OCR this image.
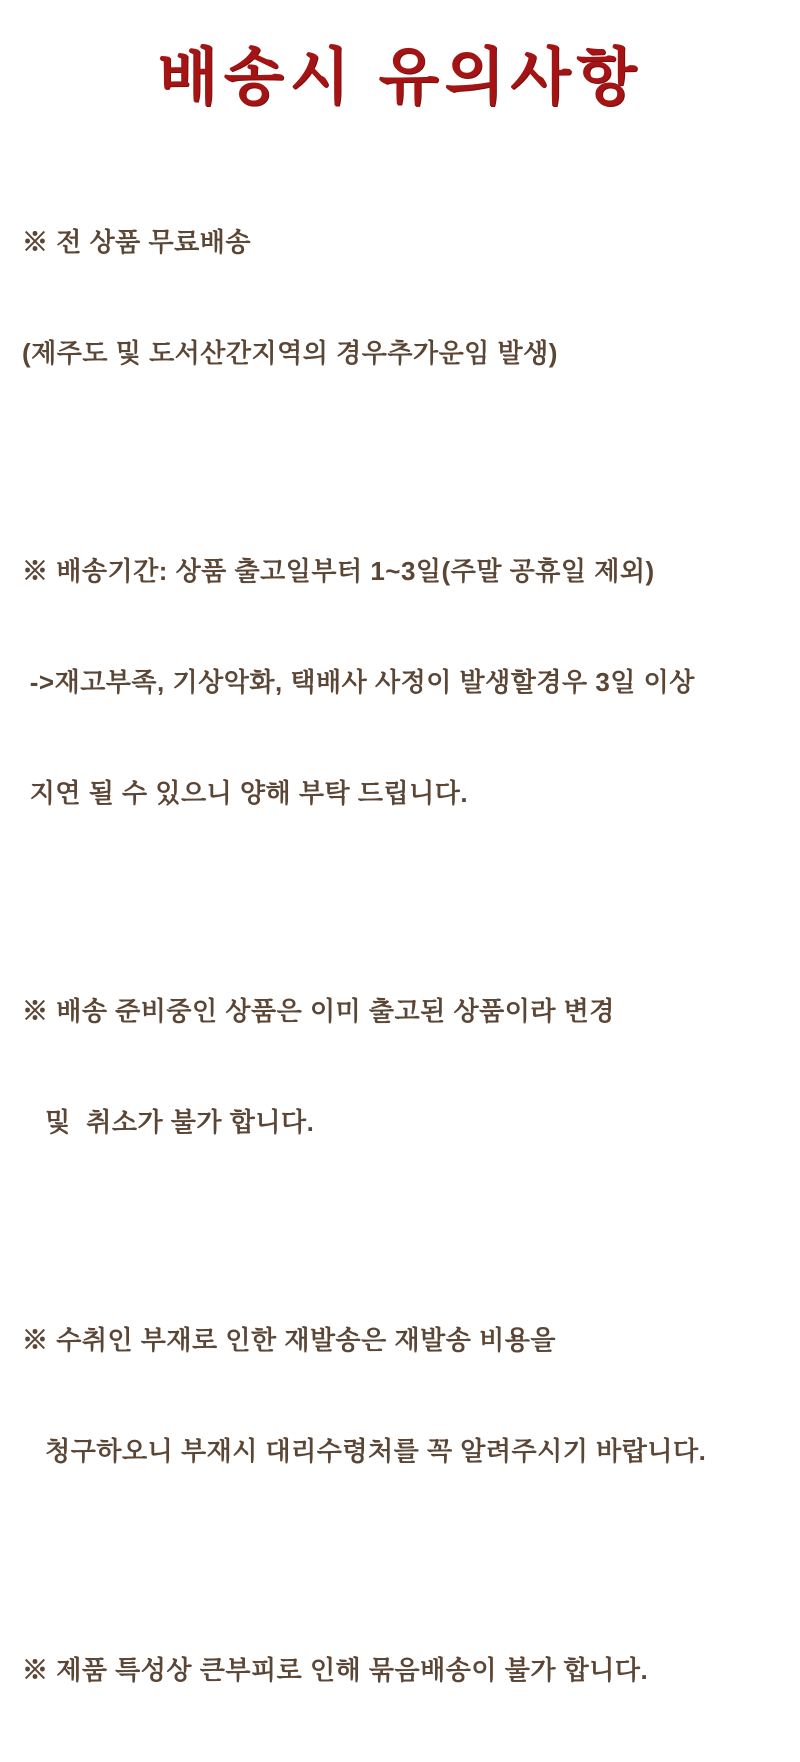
배송시 유의사항

※ 전 상품 무료배송

(제주도 및 도서산간지역의 경우추가운임 발생)

※ 배송기간: 상품 출고일부터 1~3일(주말 공휴일 제외)

->재고부족, 기상악화, 택배사 사정이 발생할경우 3일 이상

지연 될 수 있으니 양해 부탁 드립니다.

※ 배송 준비중인 상품은 이미 출고된 상품이라 변경

및  취소가 불가 합니다.

※ 수취인 부재로 인한 재발송은 재발송 비용을

청구하오니 부재시 대리수령처를 꼭 알려주시기 바랍니다.

※ 제품 특성상 큰부피로 인해 묶음배송이 불가 합니다.
